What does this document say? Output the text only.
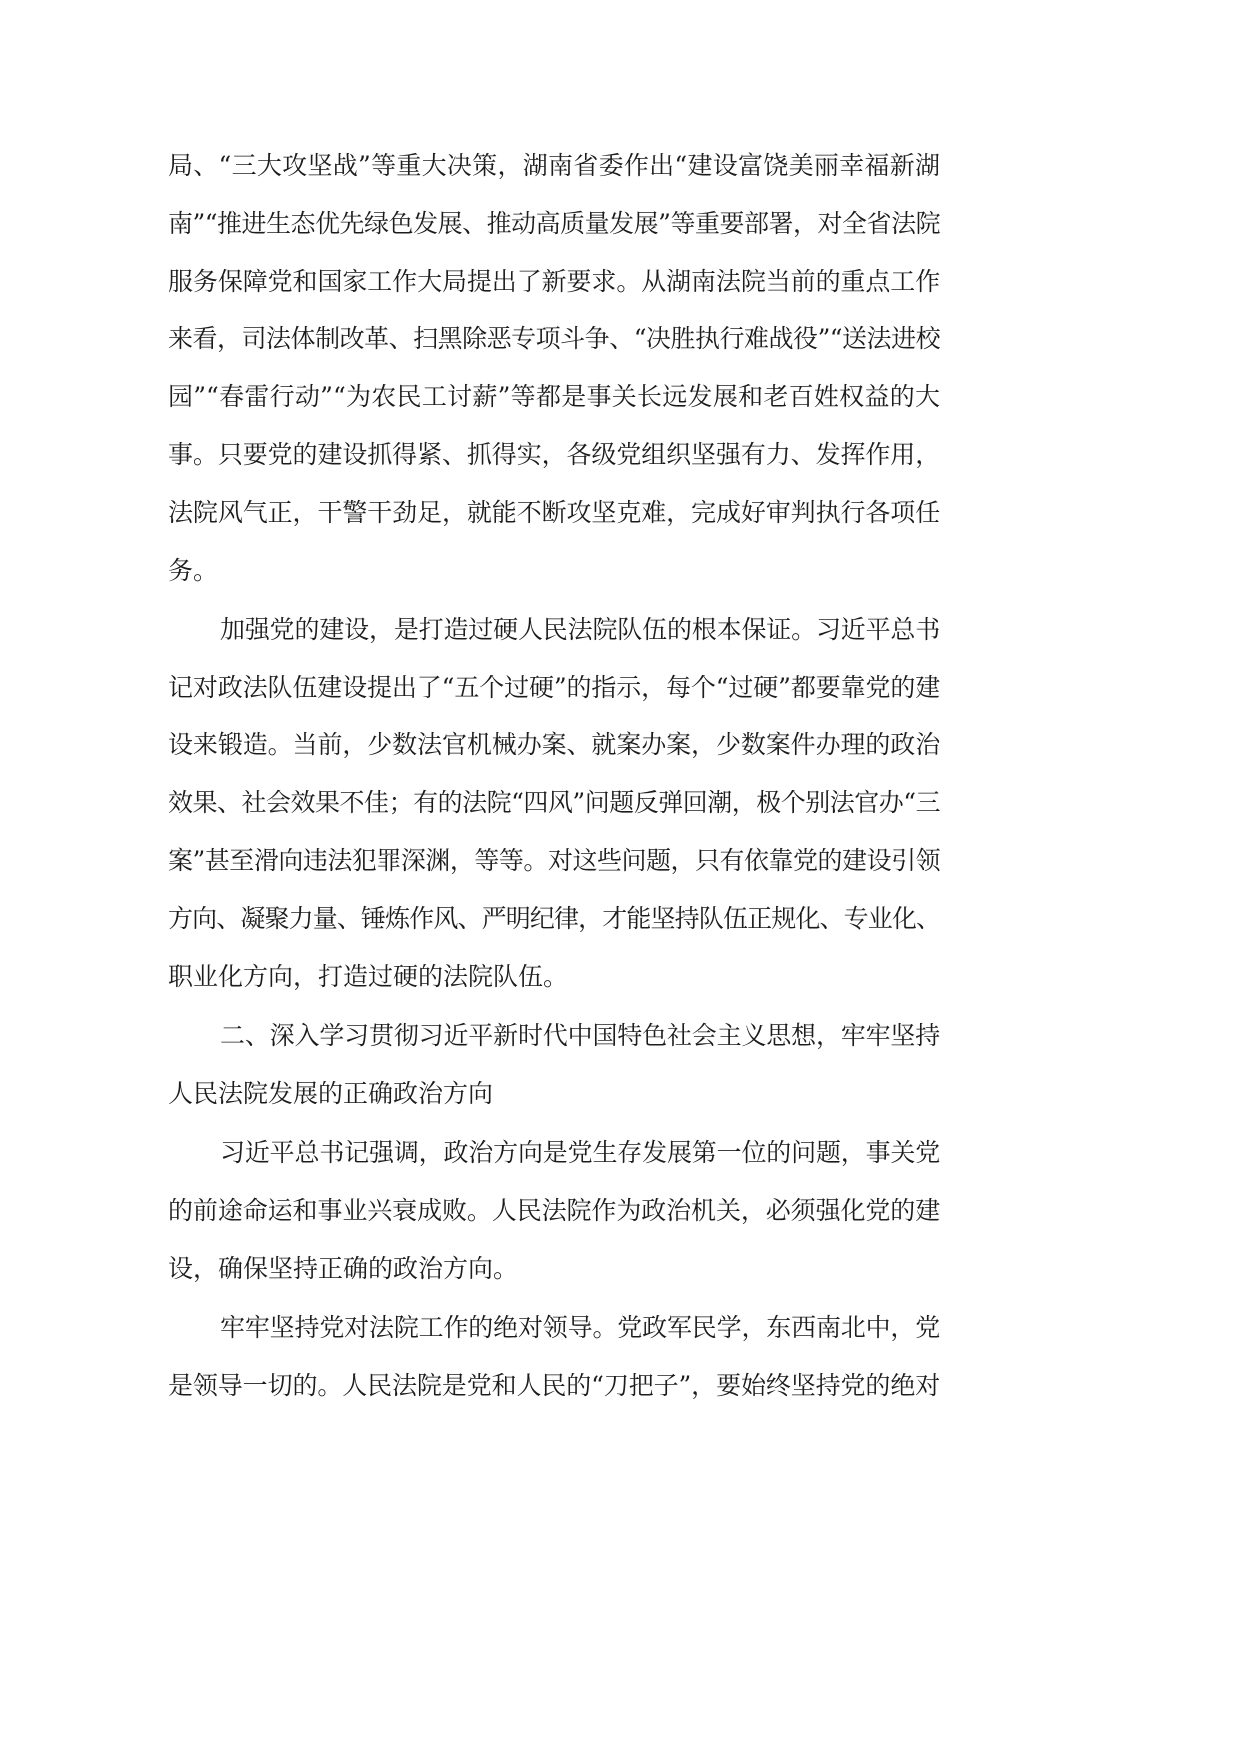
局、“三大攻坚战”等重大决策，湖南省委作出“建设富饶美丽幸福新湖
南”“推进生态优先绿色发展、推动高质量发展”等重要部署，对全省法院
服务保障党和国家工作大局提出了新要求。从湖南法院当前的重点工作
来看，司法体制改革、扫黑除恶专项斗争、“决胜执行难战役”“送法进校
园”“春雷行动”“为农民工讨薪”等都是事关长远发展和老百姓权益的大
事。只要党的建设抓得紧、抓得实，各级党组织坚强有力、发挥作用，
法院风气正，干警干劲足，就能不断攻坚克难，完成好审判执行各项任
务。
加强党的建设，是打造过硬人民法院队伍的根本保证。习近平总书
记对政法队伍建设提出了“五个过硬”的指示，每个“过硬”都要靠党的建
设来锻造。当前，少数法官机械办案、就案办案，少数案件办理的政治
效果、社会效果不佳；有的法院“四风”问题反弹回潮，极个别法官办“三
案”甚至滑向违法犯罪深渊，等等。对这些问题，只有依靠党的建设引领
方向、凝聚力量、锤炼作风、严明纪律，才能坚持队伍正规化、专业化、
职业化方向，打造过硬的法院队伍。
二、深入学习贯彻习近平新时代中国特色社会主义思想，牢牢坚持
人民法院发展的正确政治方向
习近平总书记强调，政治方向是党生存发展第一位的问题，事关党
的前途命运和事业兴衰成败。人民法院作为政治机关，必须强化党的建
设，确保坚持正确的政治方向。
牢牢坚持党对法院工作的绝对领导。党政军民学，东西南北中，党
是领导一切的。人民法院是党和人民的“刀把子”，要始终坚持党的绝对
